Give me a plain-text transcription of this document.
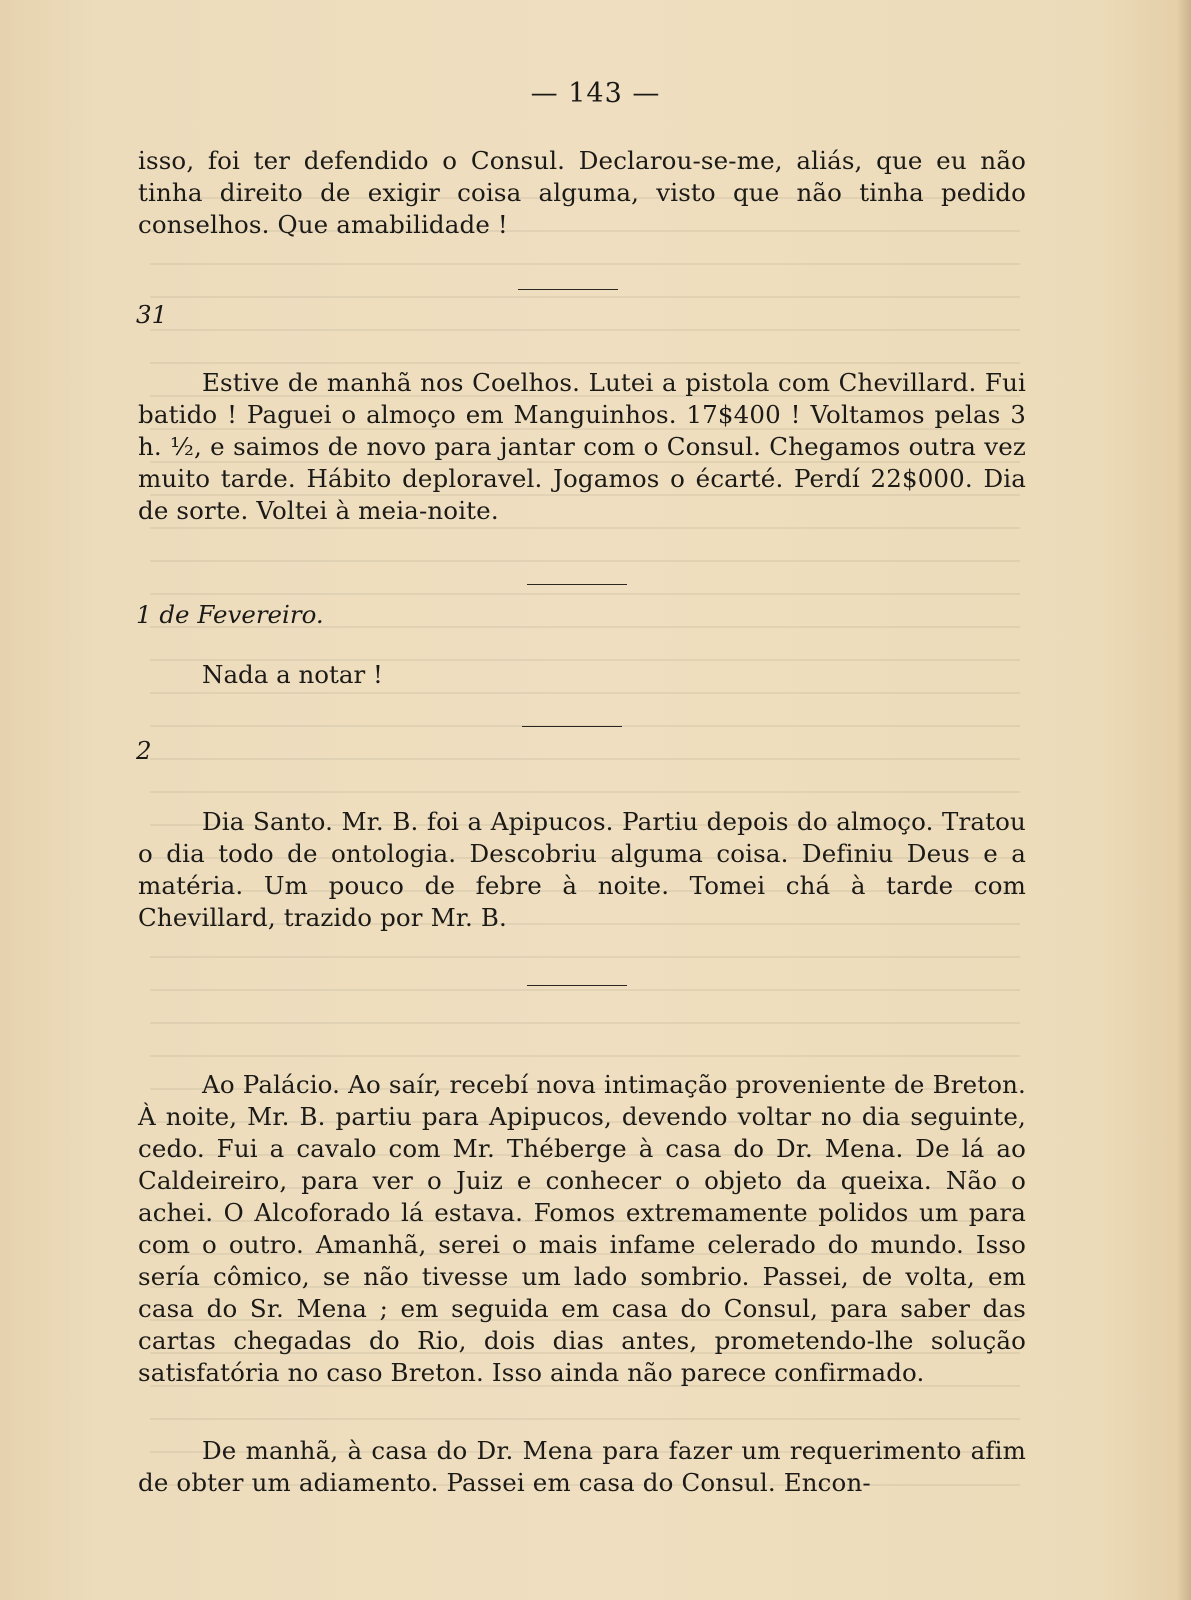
— 143 —

isso, foi ter defendido o Consul. Declarou-se-me, aliás, que eu não tinha direito de exigir coisa alguma, visto que não tinha pedido conselhos. Que amabilidade !

31

Estive de manhã nos Coelhos. Lutei a pistola com Chevillard. Fui batido ! Paguei o almoço em Manguinhos. 17$400 ! Voltamos pelas 3 h. ½, e saimos de novo para jantar com o Consul. Chegamos outra vez muito tarde. Hábito deploravel. Jogamos o écarté. Perdí 22$000. Dia de sorte. Voltei à meia-noite.

1 de Fevereiro.

Nada a notar !

2

Dia Santo. Mr. B. foi a Apipucos. Partiu depois do almoço. Tratou o dia todo de ontologia. Descobriu alguma coisa. Definiu Deus e a matéria. Um pouco de febre à noite. Tomei chá à tarde com Chevillard, trazido por Mr. B.

Ao Palácio. Ao saír, recebí nova intimação proveniente de Breton. À noite, Mr. B. partiu para Apipucos, devendo voltar no dia seguinte, cedo. Fui a cavalo com Mr. Théberge à casa do Dr. Mena. De lá ao Caldeireiro, para ver o Juiz e conhecer o objeto da queixa. Não o achei. O Alcoforado lá estava. Fomos extremamente polidos um para com o outro. Amanhã, serei o mais infame celerado do mundo. Isso sería cômico, se não tivesse um lado sombrio. Passei, de volta, em casa do Sr. Mena ; em seguida em casa do Consul, para saber das cartas chegadas do Rio, dois dias antes, prometendo-lhe solução satisfatória no caso Breton. Isso ainda não parece confirmado.

De manhã, à casa do Dr. Mena para fazer um requerimento afim de obter um adiamento. Passei em casa do Consul. Encon-
